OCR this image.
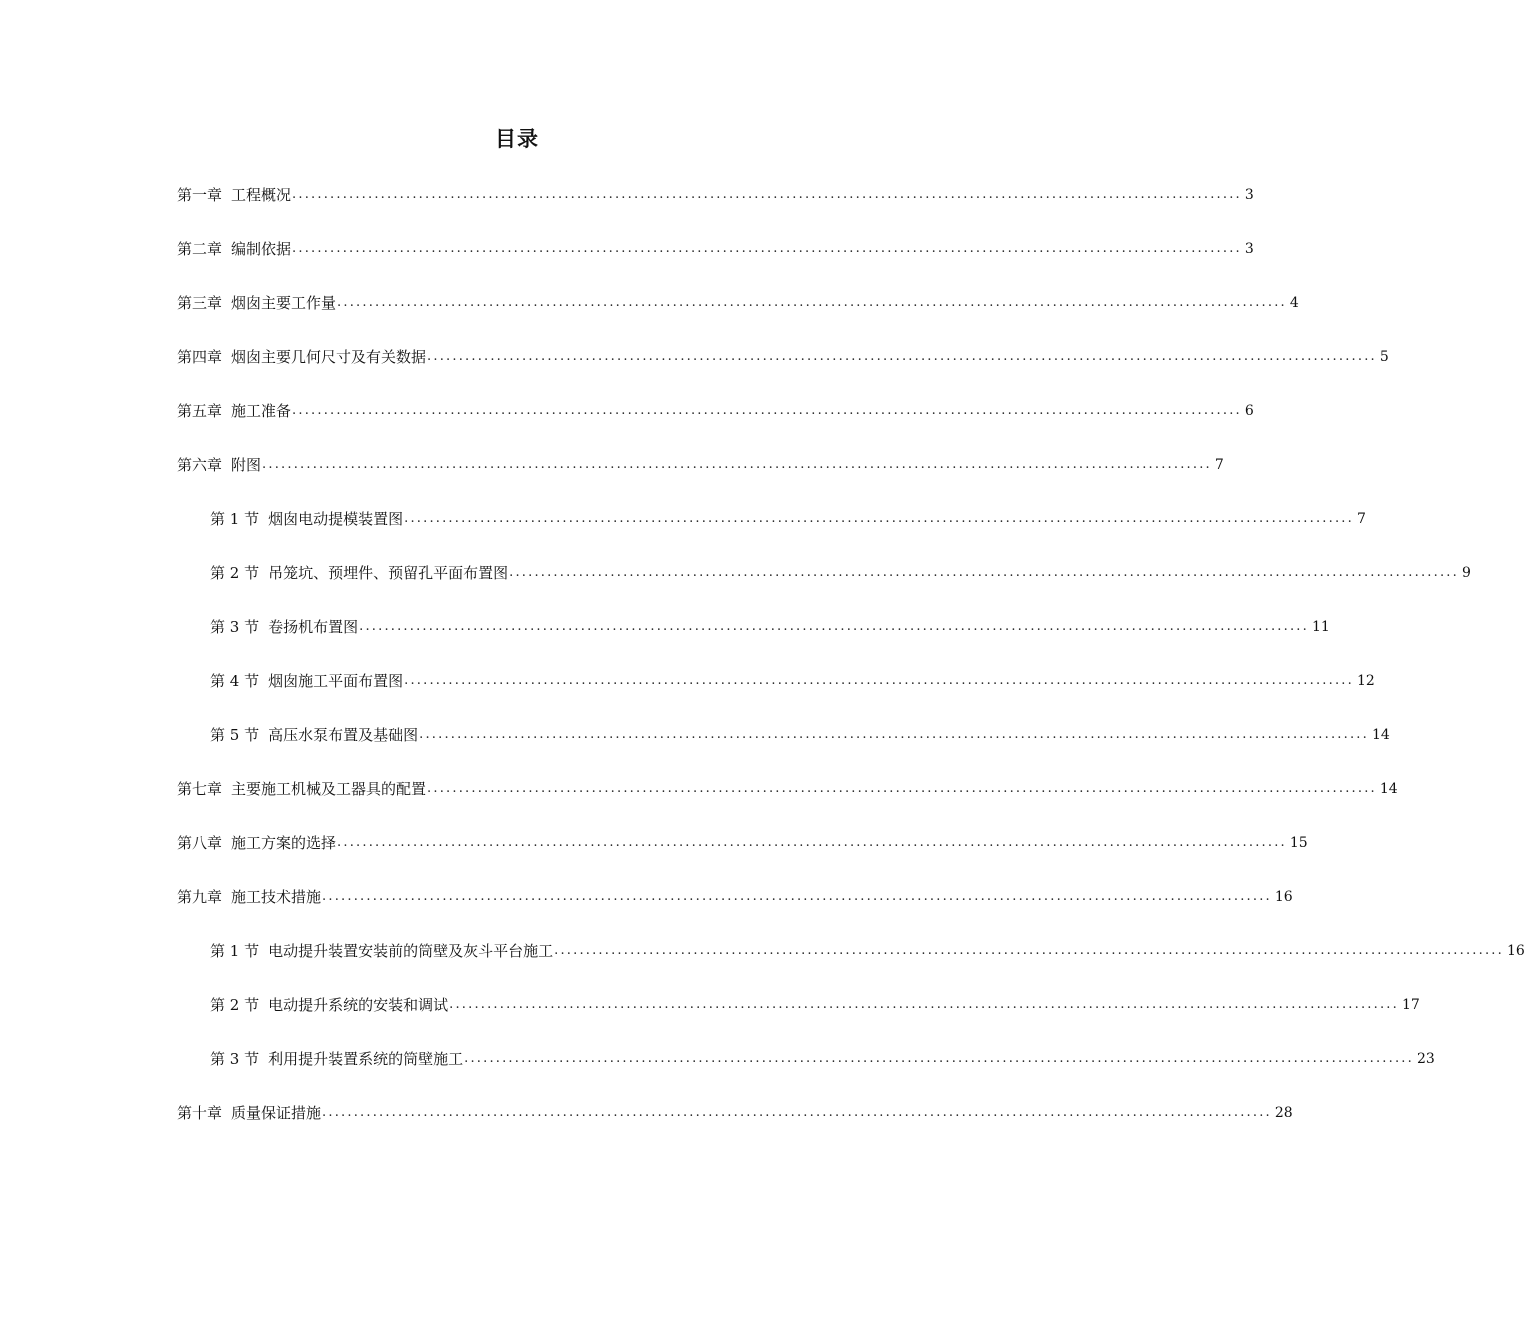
目录
第一章 工程概况 ...................................................................................................................................................... 3
第二章 编制依据 ...................................................................................................................................................... 3
第三章 烟囱主要工作量 ...................................................................................................................................................... 4
第四章 烟囱主要几何尺寸及有关数据 ...................................................................................................................................................... 5
第五章 施工准备 ...................................................................................................................................................... 6
第六章 附图 ...................................................................................................................................................... 7
第 1 节 烟囱电动提模装置图 ...................................................................................................................................................... 7
第 2 节 吊笼坑、预埋件、预留孔平面布置图 ...................................................................................................................................................... 9
第 3 节 卷扬机布置图 ...................................................................................................................................................... 11
第 4 节 烟囱施工平面布置图 ...................................................................................................................................................... 12
第 5 节 高压水泵布置及基础图 ...................................................................................................................................................... 14
第七章 主要施工机械及工器具的配置 ...................................................................................................................................................... 14
第八章 施工方案的选择 ...................................................................................................................................................... 15
第九章 施工技术措施 ...................................................................................................................................................... 16
第 1 节 电动提升装置安装前的筒壁及灰斗平台施工 ...................................................................................................................................................... 16
第 2 节 电动提升系统的安装和调试 ...................................................................................................................................................... 17
第 3 节 利用提升装置系统的筒壁施工 ...................................................................................................................................................... 23
第十章 质量保证措施 ...................................................................................................................................................... 28
